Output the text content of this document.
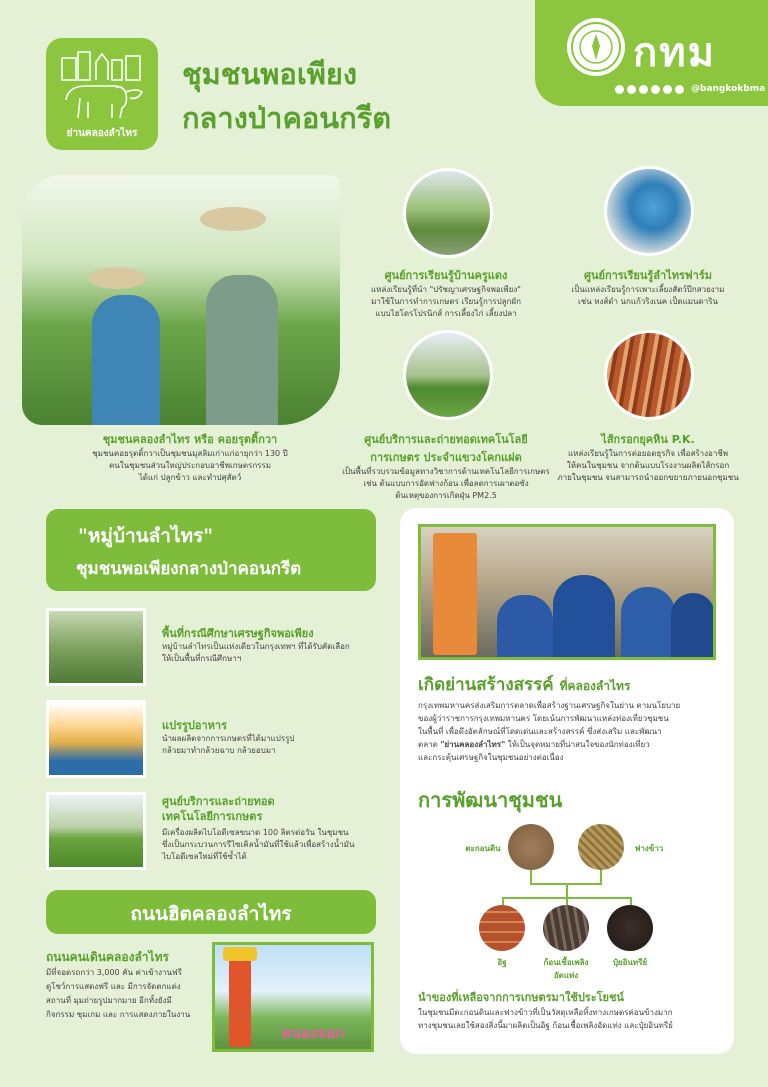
ย่านคลองลำไทร
ชุมชนพอเพียง
กลางป่าคอนกรีต
กทม
@bangkokbma
ชุมชนคลองลำไทร หรือ คอยรุตติ้กวา
ชุมชนคอยรุตติ้กวาเป็นชุมชนมุสลิมเก่าแก่อายุกว่า 130 ปี
คนในชุมชนส่วนใหญ่ประกอบอาชีพเกษตรกรรม
ได้แก่ ปลูกข้าว และทำปศุสัตว์
ศูนย์การเรียนรู้บ้านครูแดง
แหล่งเรียนรู้ที่นำ "ปรัชญาเศรษฐกิจพอเพียง"
มาใช้ในการทำการเกษตร เรียนรู้การปลูกผัก
แบบไฮโดรโปรนิกส์ การเลี้ยงไก่ เลี้ยงปลา
ศูนย์การเรียนรู้ลำไทรฟาร์ม
เป็นแหล่งเรียนรู้การเพาะเลี้ยงสัตว์ปีกสวยงาม
เช่น หงส์ดำ นกแก้วริงเนค เป็ดแมนดาริน
ศูนย์บริการและถ่ายทอดเทคโนโลยี
การเกษตร ประจำแขวงโคกแฝด
เป็นพื้นที่รวบรวมข้อมูลทางวิชาการด้านเทคโนโลยีการเกษตร
เช่น ต้นแบบการอัดฟางก้อน เพื่อลดการเผาตอซัง
ต้นเหตุของการเกิดฝุ่น PM2.5
ไส้กรอกยุคหิน P.K.
แหล่งเรียนรู้ในการต่อยอดธุรกิจ เพื่อสร้างอาชีพ
ให้คนในชุมชน จากต้นแบบโรงงานผลิตไส้กรอก
ภายในชุมชน จนสามารถนำออกขยายภายนอกชุมชน
"หมู่บ้านลำไทร"
ชุมชนพอเพียงกลางป่าคอนกรีต
พื้นที่กรณีศึกษาเศรษฐกิจพอเพียง
หมู่บ้านลำไทรเป็นแห่งเดียวในกรุงเทพฯ ที่ได้รับคัดเลือก
ให้เป็นพื้นที่กรณีศึกษาฯ
แปรรูปอาหาร
นำผลผลิตจากการเกษตรที่ได้มาแปรรูป
กล้วยมาทำกล้วยฉาบ กล้วยอบมา
ศูนย์บริการและถ่ายทอด
เทคโนโลยีการเกษตร
มีเครื่องผลิตไบโอดีเซลขนาด 100 ลิตรต่อวัน ในชุมชน
ซึ่งเป็นกระบวนการรีไซเคิลน้ำมันที่ใช้แล้วเพื่อสร้างน้ำมัน
ไบโอดีเซลใหม่ที่ใช้ซ้ำได้
ถนนฮิตคลองลำไทร
ถนนคนเดินคลองลำไทร
มีที่จอดรถกว่า 3,000 คัน ค่าเข้างานฟรี
ดูโชว์การแสดงฟรี และ มีการจัดตกแต่ง
สถานที่ มุมถ่ายรูปมากมาย อีกทั้งยังมี
กิจกรรม ชุมเกม และ การแสดงภายในงาน
หนองจอก
เกิดย่านสร้างสรรค์ ที่คลองลำไทร
กรุงเทพมหานครส่งเสริมการตลาดเพื่อสร้างฐานเศรษฐกิจในย่าน ตามนโยบาย
ของผู้ว่าราชการกรุงเทพมหานคร โดยเน้นการพัฒนาแหล่งท่องเที่ยวชุมชน
ในพื้นที่ เพื่อดึงอัตลักษณ์ที่โดดเด่นและสร้างสรรค์ ซึ่งส่งเสริม และพัฒนา
ตลาด "ย่านคลองลำไทร" ให้เป็นจุดหมายที่น่าสนใจของนักท่องเที่ยว
และกระตุ้นเศรษฐกิจในชุมชนอย่างต่อเนื่อง
การพัฒนาชุมชน
ตะกอนดิน	ฟางข้าว
อิฐ	ก้อนเชื้อเพลิง
อัดแท่ง
ปุ๋ยอินทรีย์
นำของที่เหลือจากการเกษตรมาใช้ประโยชน์
ในชุมชนมีตะกอนดินและฟางข้าวที่เป็นวัสดุเหลือทิ้งทางเกษตรค่อนข้างมาก
ทางชุมชนเลยใช้สองสิ่งนี้มาผลิตเป็นอิฐ ก้อนเชื้อเพลิงอัดแท่ง และปุ๋ยอินทรีย์
